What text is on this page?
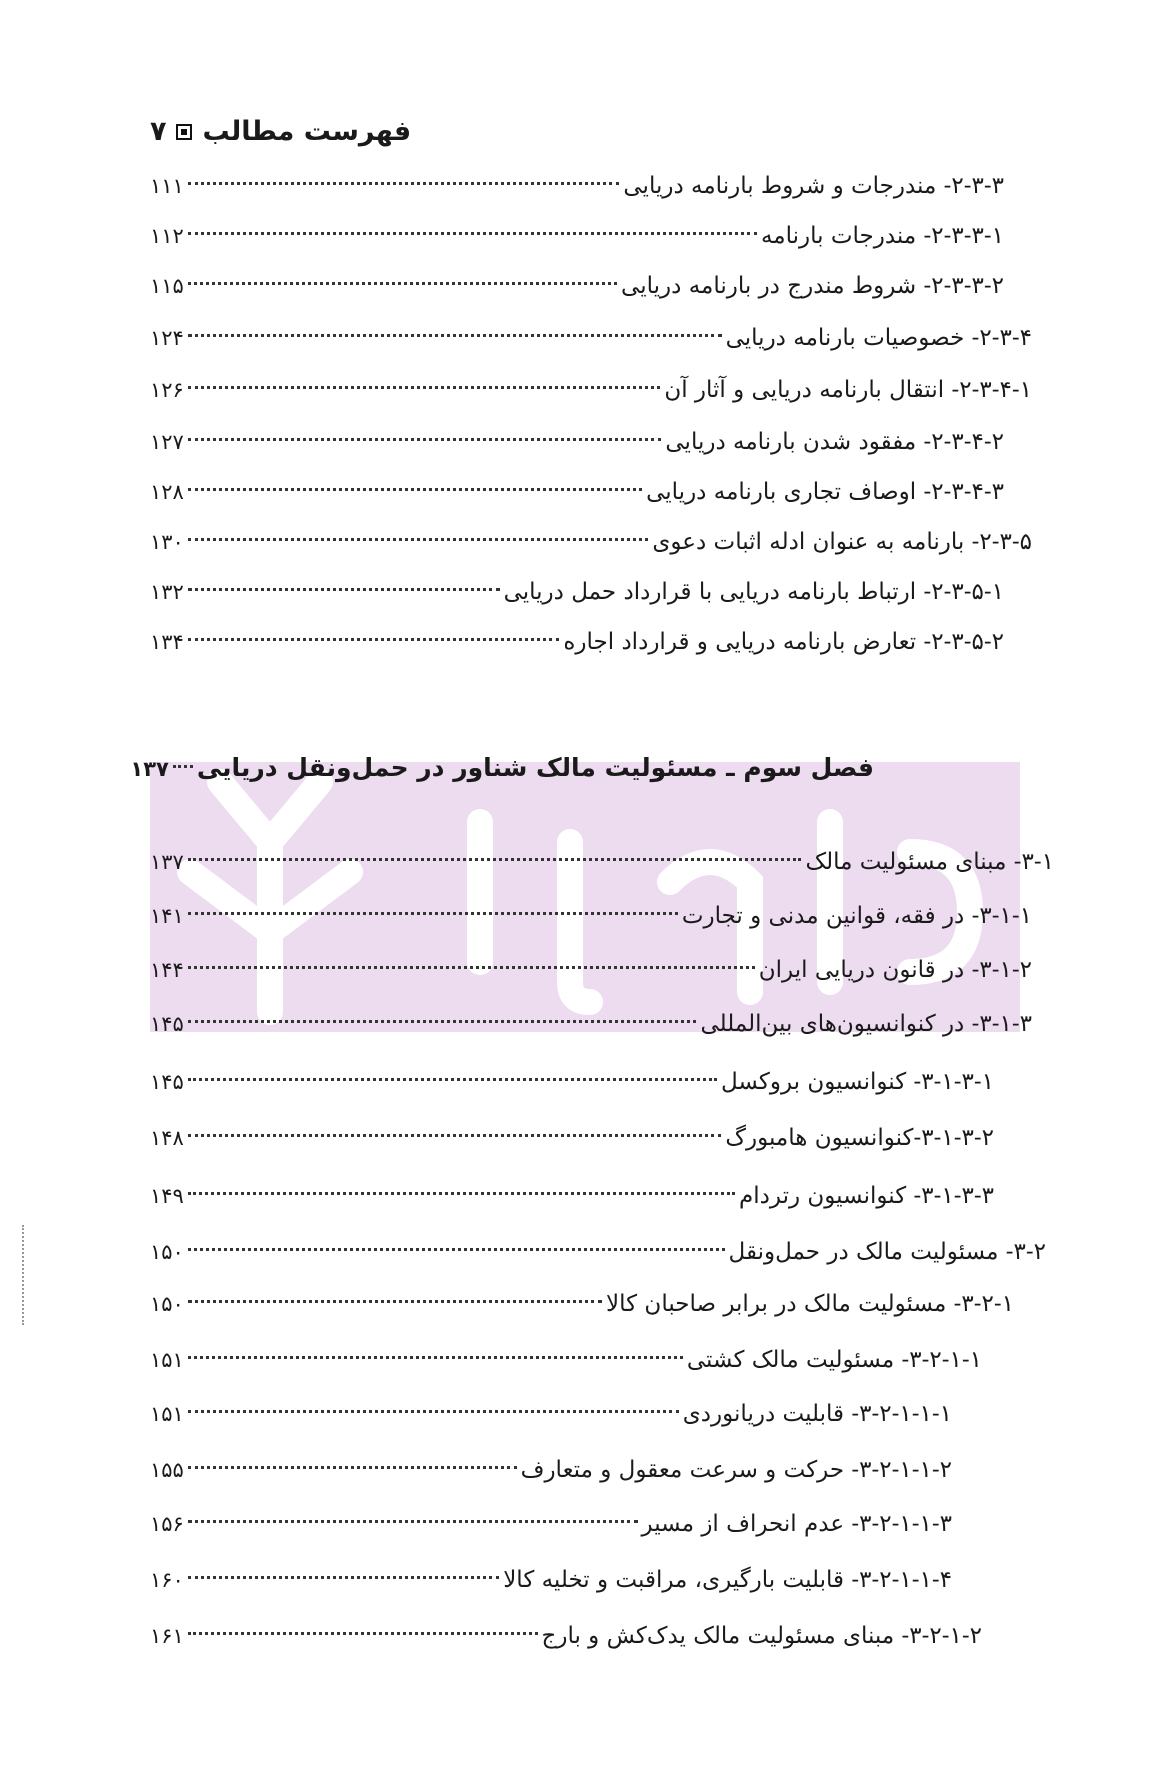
فهرست مطالب
۷
۲-۳-۳- مندرجات و شروط بارنامه دریایی
۱۱۱
۲-۳-۳-۱- مندرجات بارنامه
۱۱۲
۲-۳-۳-۲- شروط مندرج در بارنامه دریایی
۱۱۵
۲-۳-۴- خصوصیات بارنامه دریایی
۱۲۴
۲-۳-۴-۱- انتقال بارنامه دریایی و آثار آن
۱۲۶
۲-۳-۴-۲- مفقود شدن بارنامه دریایی
۱۲۷
۲-۳-۴-۳- اوصاف تجاری بارنامه دریایی
۱۲۸
۲-۳-۵- بارنامه به عنوان ادله اثبات دعوی
۱۳۰
۲-۳-۵-۱- ارتباط بارنامه دریایی با قرارداد حمل دریایی
۱۳۲
۲-۳-۵-۲- تعارض بارنامه دریایی و قرارداد اجاره
۱۳۴
فصل سوم ـ مسئولیت مالک شناور در حمل‌ونقل دریایی
۱۳۷
۳-۱- مبنای مسئولیت مالک
۱۳۷
۳-۱-۱- در فقه، قوانین مدنی و تجارت
۱۴۱
۳-۱-۲- در قانون دریایی ایران
۱۴۴
۳-۱-۳- در کنوانسیون‌های بین‌المللی
۱۴۵
۳-۱-۳-۱- کنوانسیون بروکسل
۱۴۵
۳-۱-۳-۲-کنوانسیون هامبورگ
۱۴۸
۳-۱-۳-۳- کنوانسیون رتردام
۱۴۹
۳-۲- مسئولیت مالک در حمل‌ونقل
۱۵۰
۳-۲-۱- مسئولیت مالک در برابر صاحبان کالا
۱۵۰
۳-۲-۱-۱- مسئولیت مالک کشتی
۱۵۱
۳-۲-۱-۱-۱- قابلیت دریانوردی
۱۵۱
۳-۲-۱-۱-۲- حرکت و سرعت معقول و متعارف
۱۵۵
۳-۲-۱-۱-۳- عدم انحراف از مسیر
۱۵۶
۳-۲-۱-۱-۴- قابلیت بارگیری، مراقبت و تخلیه کالا
۱۶۰
۳-۲-۱-۲- مبنای مسئولیت مالک یدک‌کش و بارج
۱۶۱
